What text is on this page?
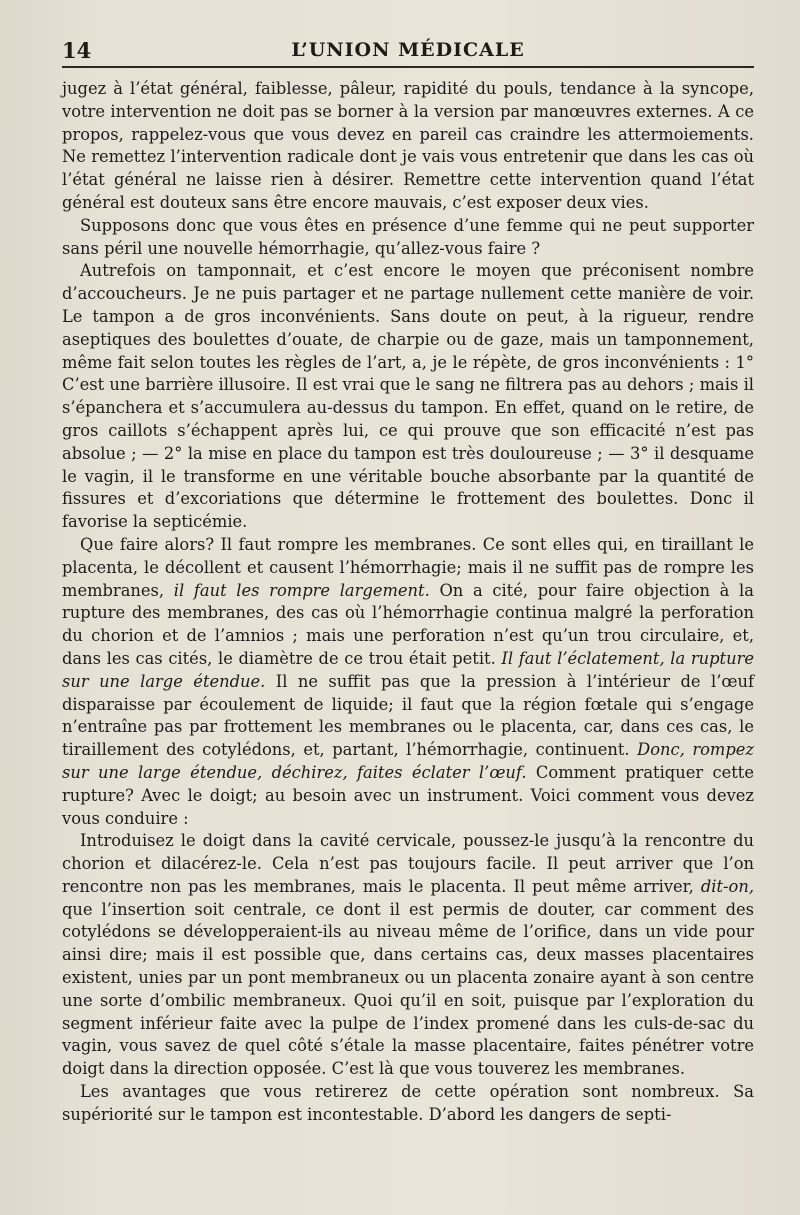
14	L’UNION MÉDICALE

jugez à l’état général, faiblesse, pâleur, rapidité du pouls, tendance à la syncope, votre intervention ne doit pas se borner à la version par manœuvres externes. A ce propos, rappelez-vous que vous devez en pareil cas craindre les attermoiements. Ne remettez l’intervention radicale dont je vais vous entretenir que dans les cas où l’état général ne laisse rien à désirer. Remettre cette intervention quand l’état général est douteux sans être encore mauvais, c’est exposer deux vies.

Supposons donc que vous êtes en présence d’une femme qui ne peut supporter sans péril une nouvelle hémorrhagie, qu’allez-vous faire ?

Autrefois on tamponnait, et c’est encore le moyen que préconisent nombre d’accoucheurs. Je ne puis partager et ne partage nullement cette manière de voir. Le tampon a de gros inconvénients. Sans doute on peut, à la rigueur, rendre aseptiques des boulettes d’ouate, de charpie ou de gaze, mais un tamponnement, même fait selon toutes les règles de l’art, a, je le répète, de gros inconvénients : 1° C’est une barrière illusoire. Il est vrai que le sang ne filtrera pas au dehors ; mais il s’épanchera et s’accumulera au-dessus du tampon. En effet, quand on le retire, de gros caillots s’échappent après lui, ce qui prouve que son efficacité n’est pas absolue ; — 2° la mise en place du tampon est très douloureuse ; — 3° il desquame le vagin, il le transforme en une véritable bouche absorbante par la quantité de fissures et d’excoriations que détermine le frottement des boulettes. Donc il favorise la septicémie.

Que faire alors? Il faut rompre les membranes. Ce sont elles qui, en tiraillant le placenta, le décollent et causent l’hémorrhagie; mais il ne suffit pas de rompre les membranes, il faut les rompre largement. On a cité, pour faire objection à la rupture des membranes, des cas où l’hémorrhagie continua malgré la perforation du chorion et de l’amnios ; mais une perforation n’est qu’un trou circulaire, et, dans les cas cités, le diamètre de ce trou était petit. Il faut l’éclatement, la rupture sur une large étendue. Il ne suffit pas que la pression à l’intérieur de l’œuf disparaisse par écoulement de liquide; il faut que la région fœtale qui s’engage n’entraîne pas par frottement les membranes ou le placenta, car, dans ces cas, le tiraillement des cotylédons, et, partant, l’hémorrhagie, continuent. Donc, rompez sur une large étendue, déchirez, faites éclater l’œuf. Comment pratiquer cette rupture? Avec le doigt; au besoin avec un instrument. Voici comment vous devez vous conduire :

Introduisez le doigt dans la cavité cervicale, poussez-le jusqu’à la rencontre du chorion et dilacérez-le. Cela n’est pas toujours facile. Il peut arriver que l’on rencontre non pas les membranes, mais le placenta. Il peut même arriver, dit-on, que l’insertion soit centrale, ce dont il est permis de douter, car comment des cotylédons se développeraient-ils au niveau même de l’orifice, dans un vide pour ainsi dire; mais il est possible que, dans certains cas, deux masses placentaires existent, unies par un pont membraneux ou un placenta zonaire ayant à son centre une sorte d’ombilic membraneux. Quoi qu’il en soit, puisque par l’exploration du segment inférieur faite avec la pulpe de l’index promené dans les culs-de-sac du vagin, vous savez de quel côté s’étale la masse placentaire, faites pénétrer votre doigt dans la direction opposée. C’est là que vous touverez les membranes.

Les avantages que vous retirerez de cette opération sont nombreux. Sa supériorité sur le tampon est incontestable. D’abord les dangers de septi-
